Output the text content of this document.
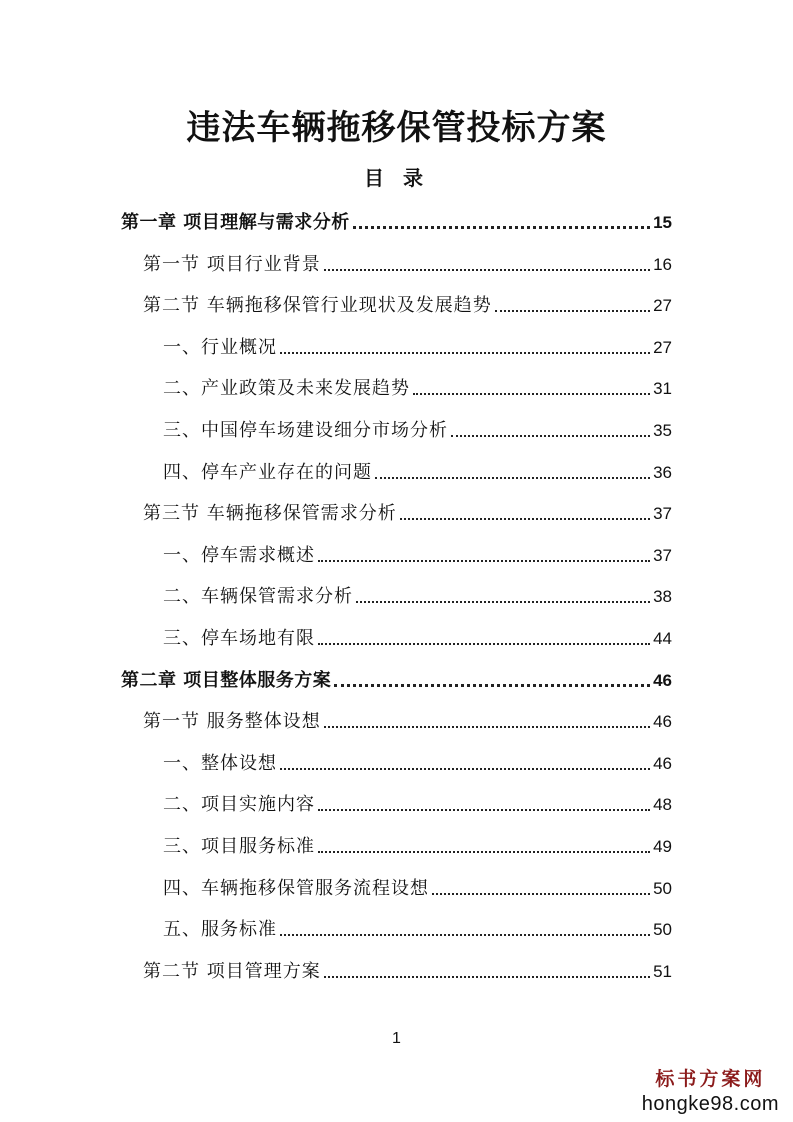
违法车辆拖移保管投标方案
目 录
第一章 项目理解与需求分析	15
第一节 项目行业背景	16
第二节 车辆拖移保管行业现状及发展趋势	27
一、行业概况	27
二、产业政策及未来发展趋势	31
三、中国停车场建设细分市场分析	35
四、停车产业存在的问题	36
第三节 车辆拖移保管需求分析	37
一、停车需求概述	37
二、车辆保管需求分析	38
三、停车场地有限	44
第二章 项目整体服务方案	46
第一节 服务整体设想	46
一、整体设想	46
二、项目实施内容	48
三、项目服务标准	49
四、车辆拖移保管服务流程设想	50
五、服务标准	50
第二节 项目管理方案	51
1
标书方案网
hongke98.com
